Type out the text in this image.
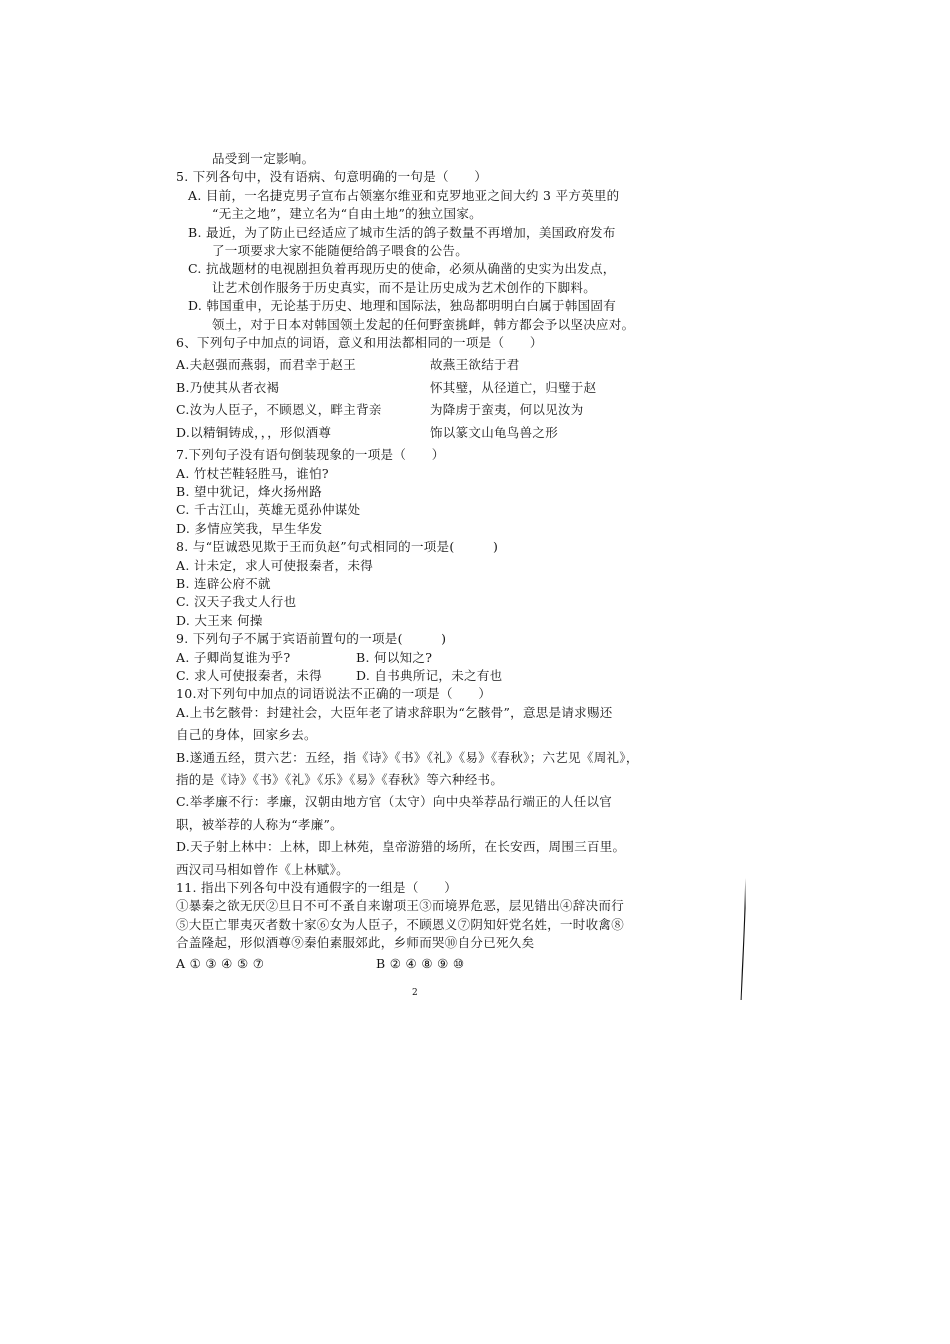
品受到一定影响。
5. 下列各句中，没有语病、句意明确的一句是（　　）
A. 目前，一名捷克男子宣布占领塞尔维亚和克罗地亚之间大约 3 平方英里的
“无主之地”，建立名为“自由土地”的独立国家。
B. 最近，为了防止已经适应了城市生活的鸽子数量不再增加，美国政府发布
了一项要求大家不能随便给鸽子喂食的公告。
C. 抗战题材的电视剧担负着再现历史的使命，必须从确凿的史实为出发点，
让艺术创作服务于历史真实，而不是让历史成为艺术创作的下脚料。
D. 韩国重申，无论基于历史、地理和国际法，独岛都明明白白属于韩国固有
领土，对于日本对韩国领土发起的任何野蛮挑衅，韩方都会予以坚决应对。
6、下列句子中加点的词语，意义和用法都相同的一项是（　　）
A.夫赵强而燕弱，而君幸于赵王	故燕王欲结于君
B.乃使其从者衣褐	怀其璧，从径道亡，归璧于赵
C.汝为人臣子，不顾恩义，畔主背亲	为降虏于蛮夷，何以见汝为
D.以精铜铸成，，，形似酒尊	饰以篆文山龟鸟兽之形
7.下列句子没有语句倒装现象的一项是（　　）
A. 竹杖芒鞋轻胜马，谁怕?
B. 望中犹记，烽火扬州路
C. 千古江山，英雄无觅孙仲谋处
D. 多情应笑我，早生华发
8. 与“臣诚恐见欺于王而负赵”句式相同的一项是(　　　)
A. 计未定，求人可使报秦者，未得
B. 连辟公府不就
C. 汉天子我丈人行也
D. 大王来 何操
9. 下列句子不属于宾语前置句的一项是(　　　)
A. 子卿尚复谁为乎?	B. 何以知之?
C. 求人可使报秦者，未得	D. 自书典所记，未之有也
10.对下列句中加点的词语说法不正确的一项是（　　）
A.上书乞骸骨：封建社会，大臣年老了请求辞职为“乞骸骨”，意思是请求赐还
自己的身体，回家乡去。
B.遂通五经，贯六艺：五经，指《诗》《书》《礼》《易》《春秋》；六艺见《周礼》，
指的是《诗》《书》《礼》《乐》《易》《春秋》等六种经书。
C.举孝廉不行：孝廉，汉朝由地方官（太守）向中央举荐品行端正的人任以官
职，被举荐的人称为“孝廉”。
D.天子射上林中：上林，即上林苑，皇帝游猎的场所，在长安西，周围三百里。
西汉司马相如曾作《上林赋》。
11. 指出下列各句中没有通假字的一组是（　　）
①暴秦之欲无厌②旦日不可不蚤自来谢项王③而境界危恶，层见错出④辞决而行
⑤大臣亡罪夷灭者数十家⑥女为人臣子，不顾恩义⑦阴知奸党名姓，一时收禽⑧
合盖隆起，形似酒尊⑨秦伯素服郊此，乡师而哭⑩自分已死久矣
A ① ③ ④ ⑤ ⑦	B ② ④ ⑧ ⑨ ⑩
2
